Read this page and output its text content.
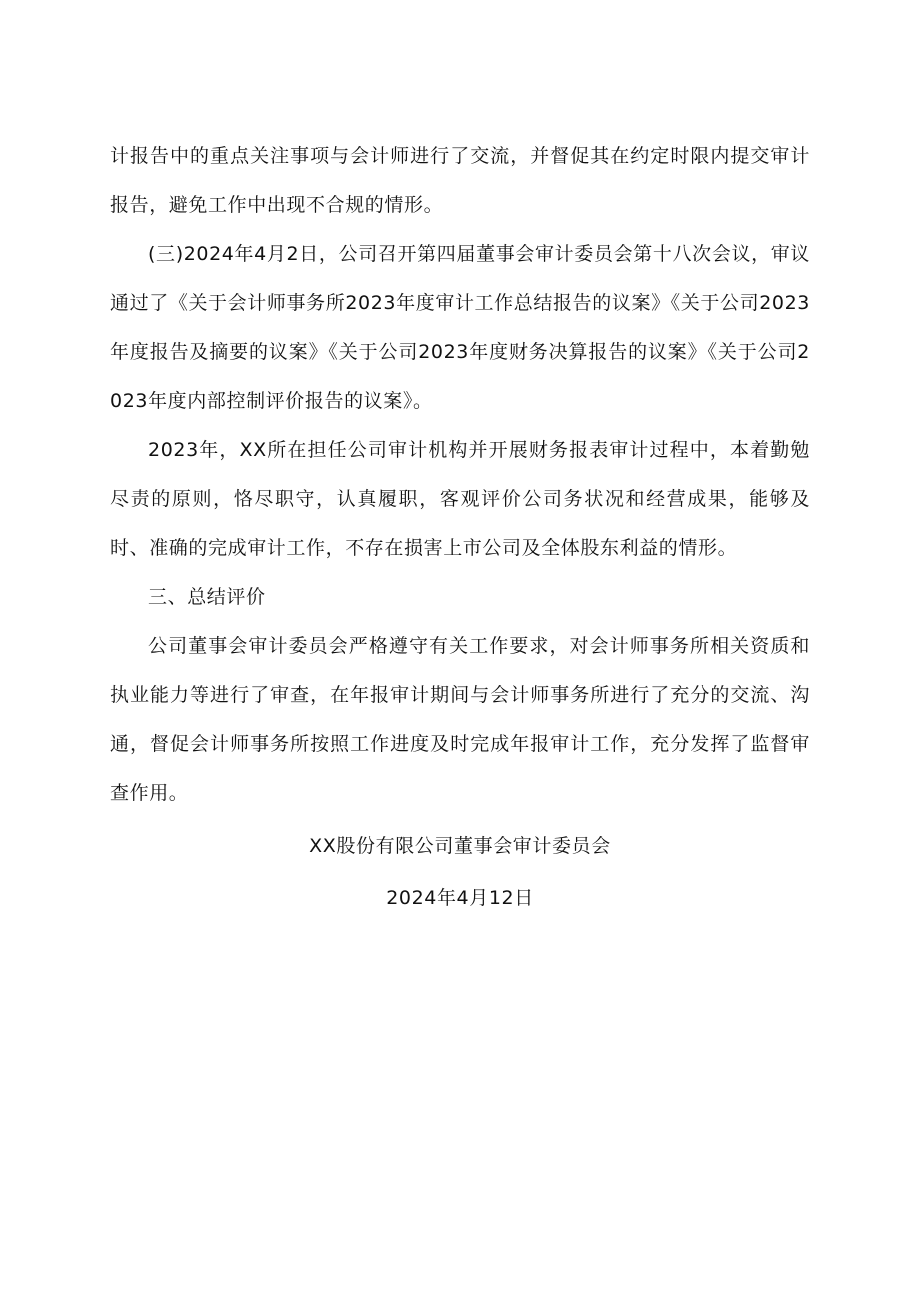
计报告中的重点关注事项与会计师进行了交流，并督促其在约定时限内提交审计报告，避免工作中出现不合规的情形。

(三)2024年4月2日，公司召开第四届董事会审计委员会第十八次会议，审议通过了《关于会计师事务所2023年度审计工作总结报告的议案》《关于公司2023年度报告及摘要的议案》《关于公司2023年度财务决算报告的议案》《关于公司2023年度内部控制评价报告的议案》。

2023年，XX所在担任公司审计机构并开展财务报表审计过程中，本着勤勉尽责的原则，恪尽职守，认真履职，客观评价公司务状况和经营成果，能够及时、准确的完成审计工作，不存在损害上市公司及全体股东利益的情形。

三、总结评价

公司董事会审计委员会严格遵守有关工作要求，对会计师事务所相关资质和执业能力等进行了审查，在年报审计期间与会计师事务所进行了充分的交流、沟通，督促会计师事务所按照工作进度及时完成年报审计工作，充分发挥了监督审查作用。

XX股份有限公司董事会审计委员会

2024年4月12日
